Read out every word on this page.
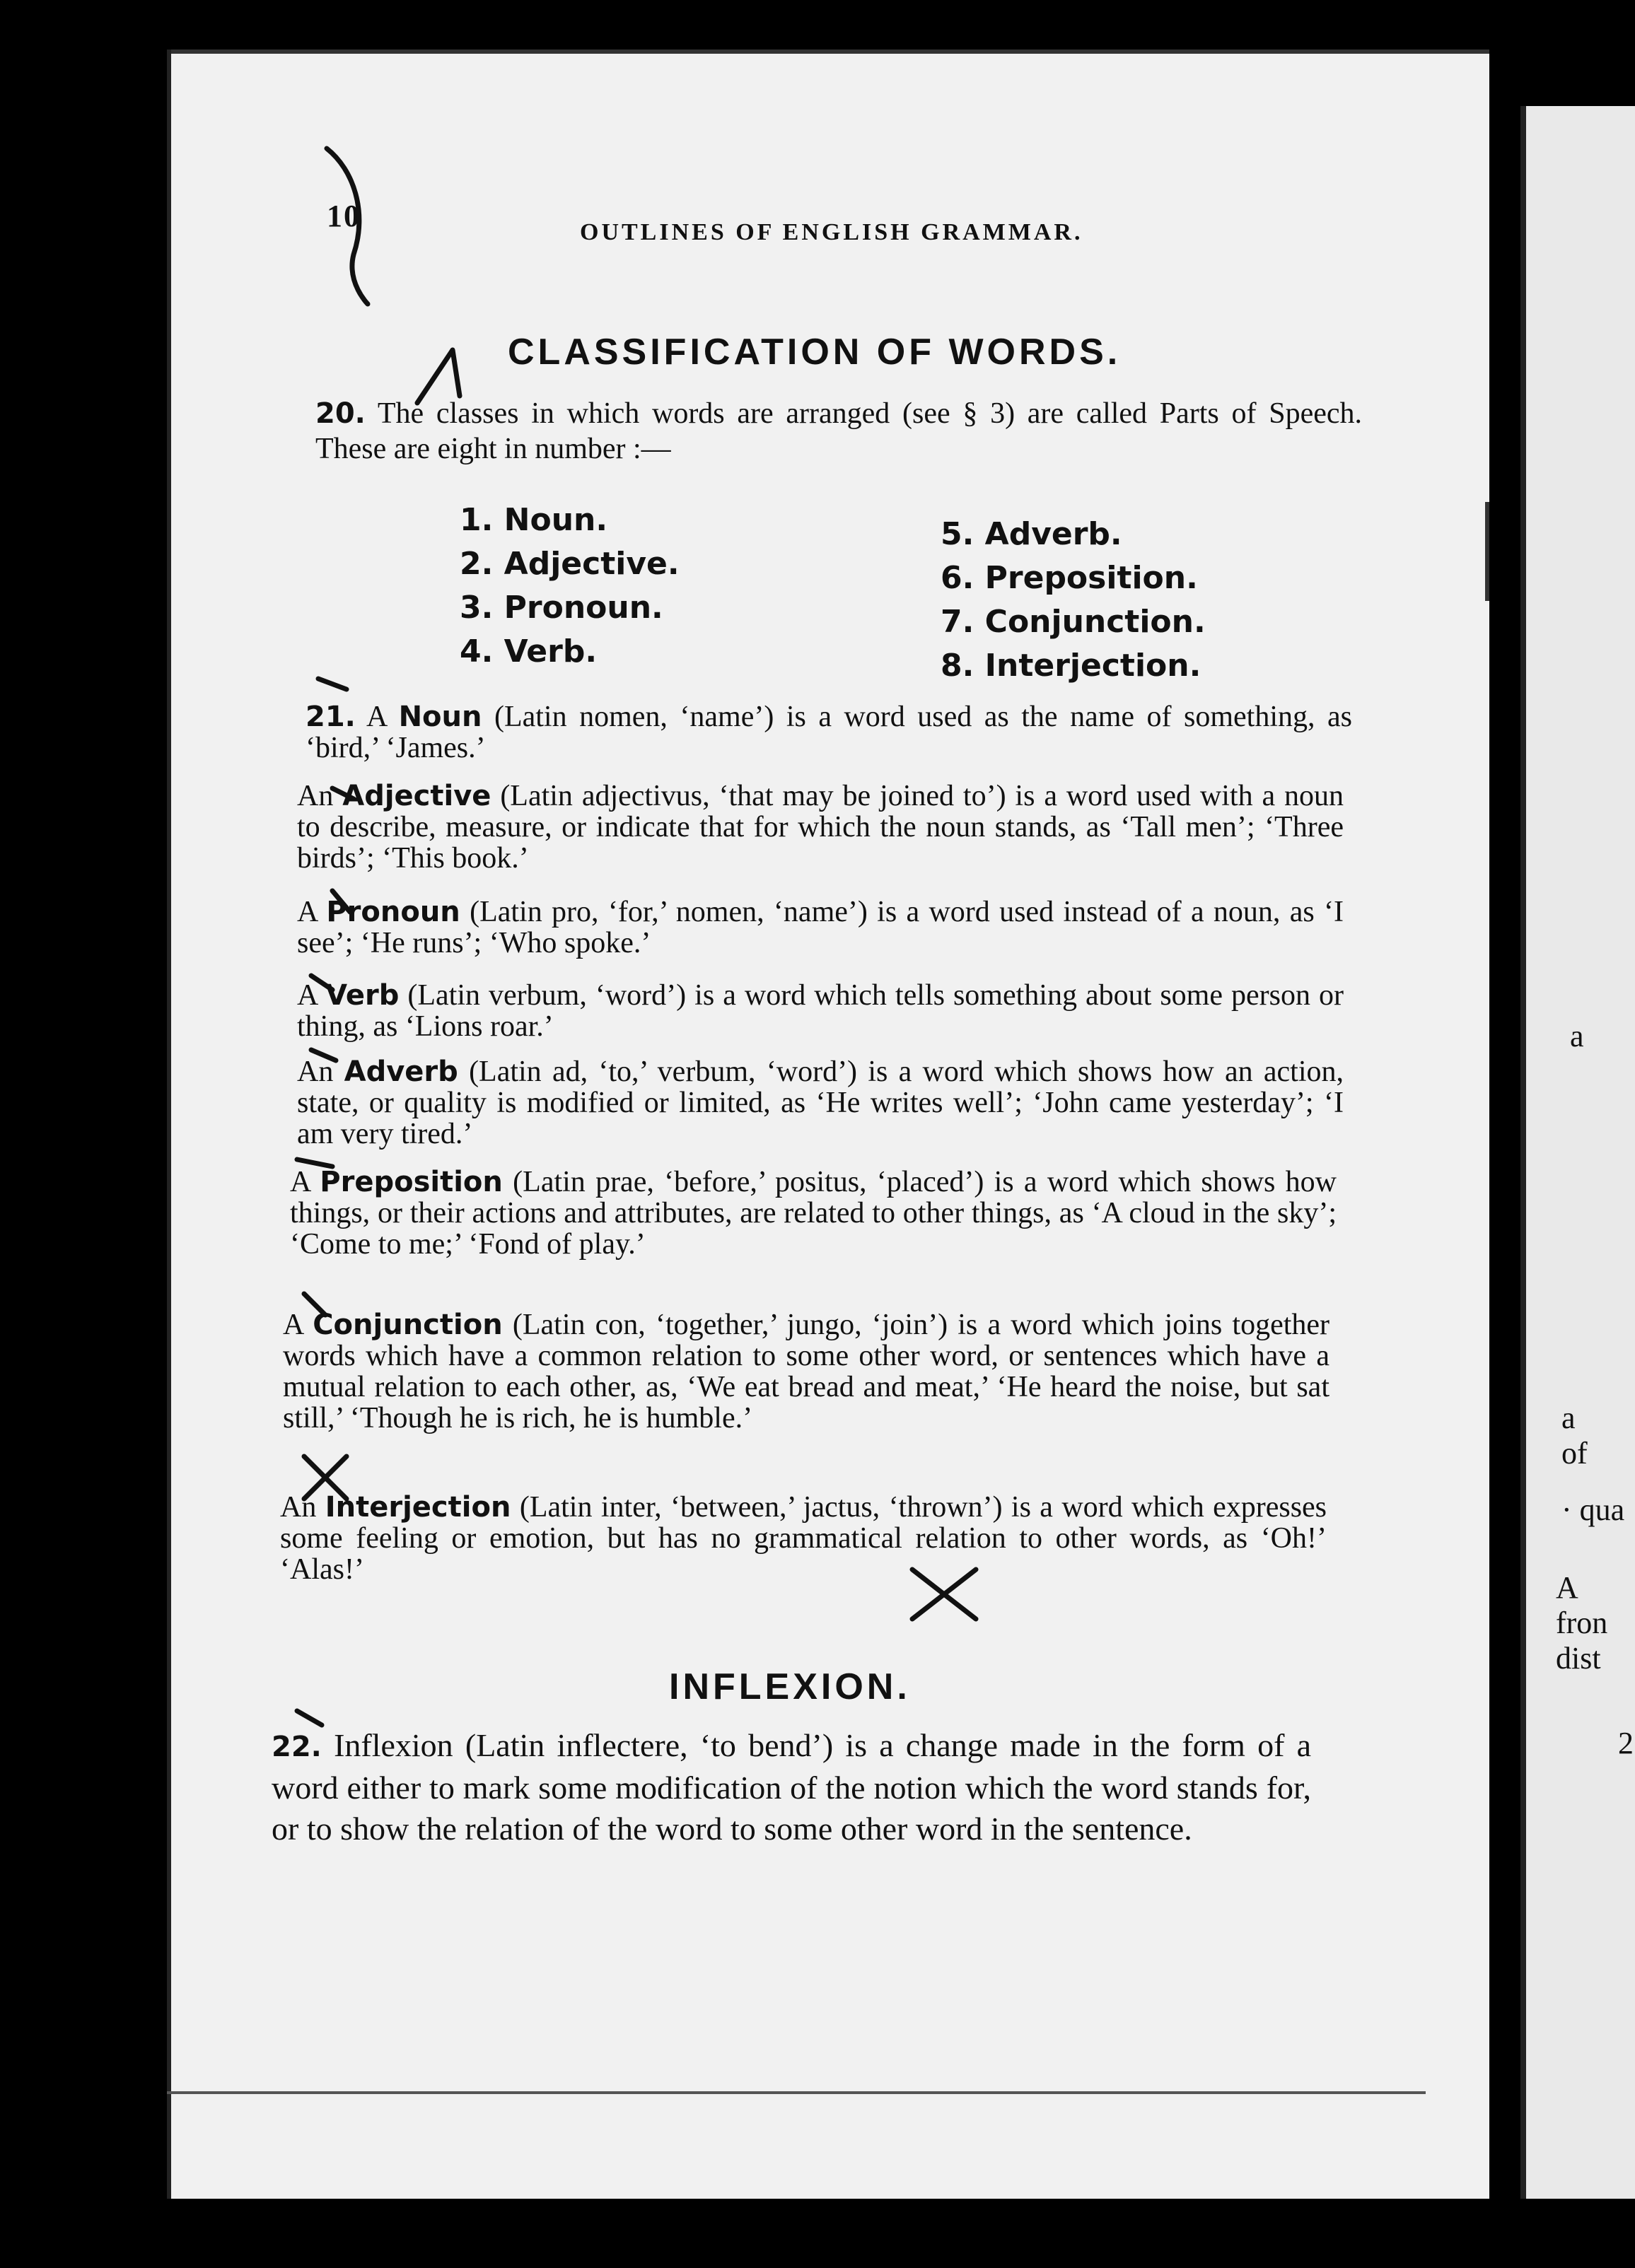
a
a
of
· qua
A
fron
dist
2
10	OUTLINES OF ENGLISH GRAMMAR.
CLASSIFICATION OF WORDS.
20. The classes in which words are arranged (see § 3) are called Parts of Speech. These are eight in number :—
1. Noun.
2. Adjective.
3. Pronoun.
4. Verb.
5. Adverb.
6. Preposition.
7. Conjunction.
8. Interjection.
21. A Noun (Latin nomen, ‘name’) is a word used as the name of something, as ‘bird,’ ‘James.’
An Adjective (Latin adjectivus, ‘that may be joined to’) is a word used with a noun to describe, measure, or indicate that for which the noun stands, as ‘Tall men’; ‘Three birds’; ‘This book.’
A Pronoun (Latin pro, ‘for,’ nomen, ‘name’) is a word used instead of a noun, as ‘I see’; ‘He runs’; ‘Who spoke.’
A Verb (Latin verbum, ‘word’) is a word which tells something about some person or thing, as ‘Lions roar.’
An Adverb (Latin ad, ‘to,’ verbum, ‘word’) is a word which shows how an action, state, or quality is modified or limited, as ‘He writes well’; ‘John came yesterday’; ‘I am very tired.’
A Preposition (Latin prae, ‘before,’ positus, ‘placed’) is a word which shows how things, or their actions and attributes, are related to other things, as ‘A cloud in the sky’; ‘Come to me;’ ‘Fond of play.’
A Conjunction (Latin con, ‘together,’ jungo, ‘join’) is a word which joins together words which have a common relation to some other word, or sentences which have a mutual relation to each other, as, ‘We eat bread and meat,’ ‘He heard the noise, but sat still,’ ‘Though he is rich, he is humble.’
An Interjection (Latin inter, ‘between,’ jactus, ‘thrown’) is a word which expresses some feeling or emotion, but has no grammatical relation to other words, as ‘Oh!’ ‘Alas!’
INFLEXION.
22. Inflexion (Latin inflectere, ‘to bend’) is a change made in the form of a word either to mark some modification of the notion which the word stands for, or to show the relation of the word to some other word in the sentence.
